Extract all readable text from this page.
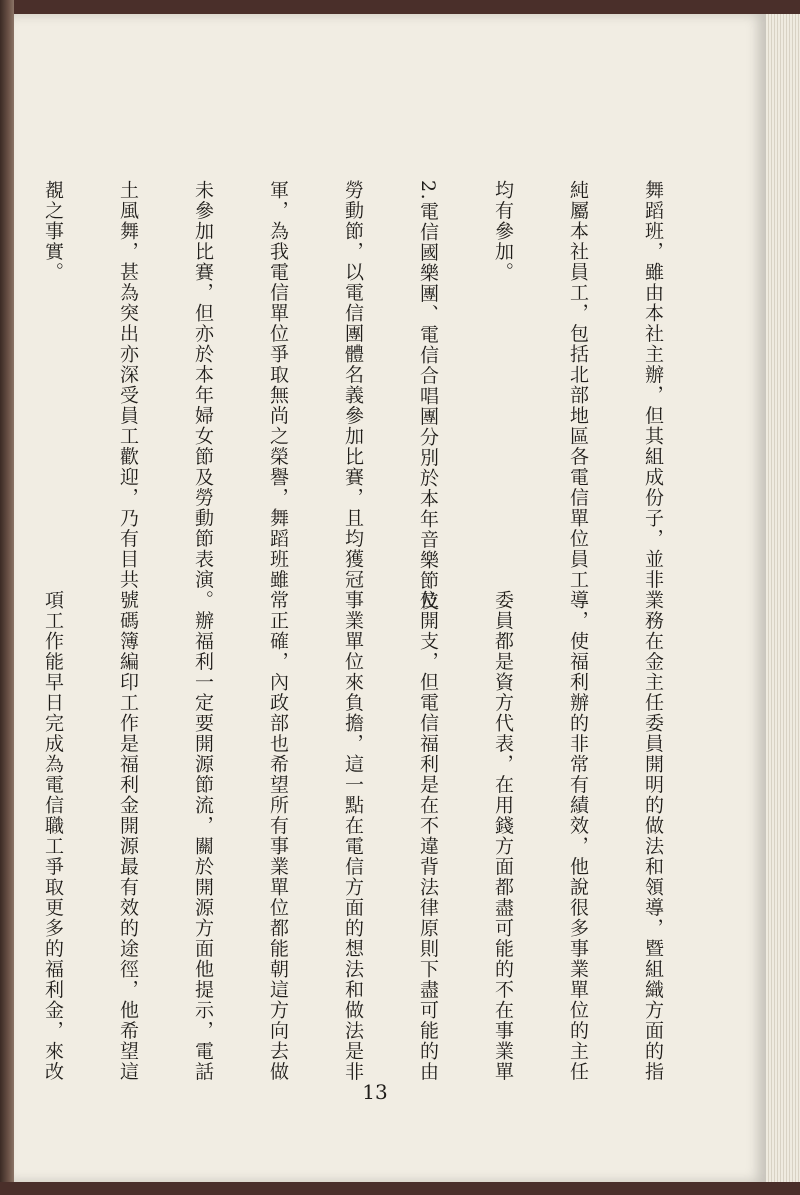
舞蹈班，雖由本社主辦，但其組成份子，並非

純屬本社員工，包括北部地區各電信單位員工

均有參加。

2.電信國樂團、電信合唱團分別於本年音樂節及

勞動節，以電信團體名義參加比賽，且均獲冠

軍，為我電信單位爭取無尚之榮譽，舞蹈班雖

未參加比賽，但亦於本年婦女節及勞動節表演

土風舞，甚為突出亦深受員工歡迎，乃有目共

覩之事實。

業務在金主任委員開明的做法和領導，暨組織方面的指

導，使福利辦的非常有績效，他說很多事業單位的主任

委員都是資方代表，在用錢方面都盡可能的不在事業單

位開支，但電信福利是在不違背法律原則下盡可能的由

事業單位來負擔，這一點在電信方面的想法和做法是非

常正確，內政部也希望所有事業單位都能朝這方向去做

。辦福利一定要開源節流，關於開源方面他提示，電話

號碼簿編印工作是福利金開源最有效的途徑，他希望這

項工作能早日完成為電信職工爭取更多的福利金，來改

13
